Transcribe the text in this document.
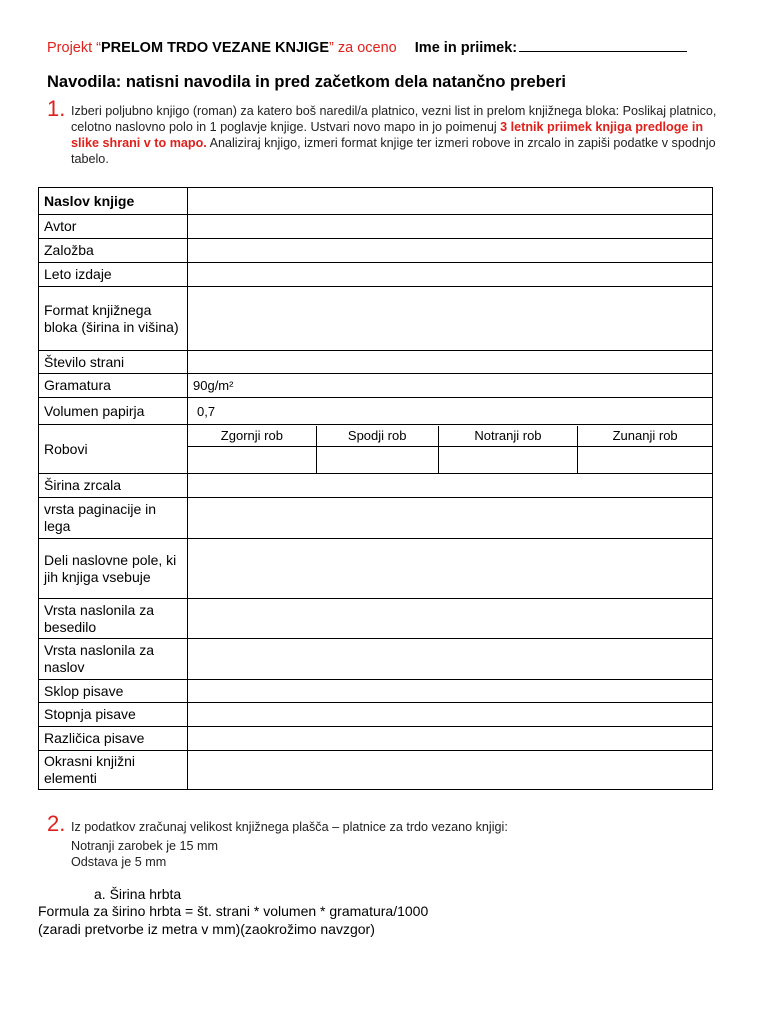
Projekt “PRELOM TRDO VEZANE KNJIGE” za oceno Ime in priimek:
Navodila: natisni navodila in pred začetkom dela natančno preberi
1. Izberi poljubno knjigo (roman) za katero boš naredil/a platnico, vezni list in prelom knjižnega bloka: Poslikaj platnico, celotno naslovno polo in 1 poglavje knjige. Ustvari novo mapo in jo poimenuj 3 letnik priimek knjiga predloge in slike shrani v to mapo. Analiziraj knjigo, izmeri format knjige ter izmeri robove in zrcalo in zapiši podatke v spodnjo tabelo.
Naslov knjige	
Avtor	
Založba	
Leto izdaje	
Format knjižnega bloka (širina in višina)	
Število strani	
Gramatura	90g/m²
Volumen papirja	0,7
Robovi	
Zgornji rob	Spodji rob	Notranji rob	Zunanji rob

Širina zrcala	
vrsta paginacije in lega	
Deli naslovne pole, ki jih knjiga vsebuje	
Vrsta naslonila za besedilo	
Vrsta naslonila za naslov	
Sklop pisave	
Stopnja pisave	
Različica pisave	
Okrasni knjižni elementi	
2. Iz podatkov zračunaj velikost knjižnega plašča – platnice za trdo vezano knjigi:
Notranji zarobek je 15 mm
Odstava je 5 mm
a. Širina hrbta
Formula za širino hrbta = št. strani * volumen * gramatura/1000
(zaradi pretvorbe iz metra v mm)(zaokrožimo navzgor)
